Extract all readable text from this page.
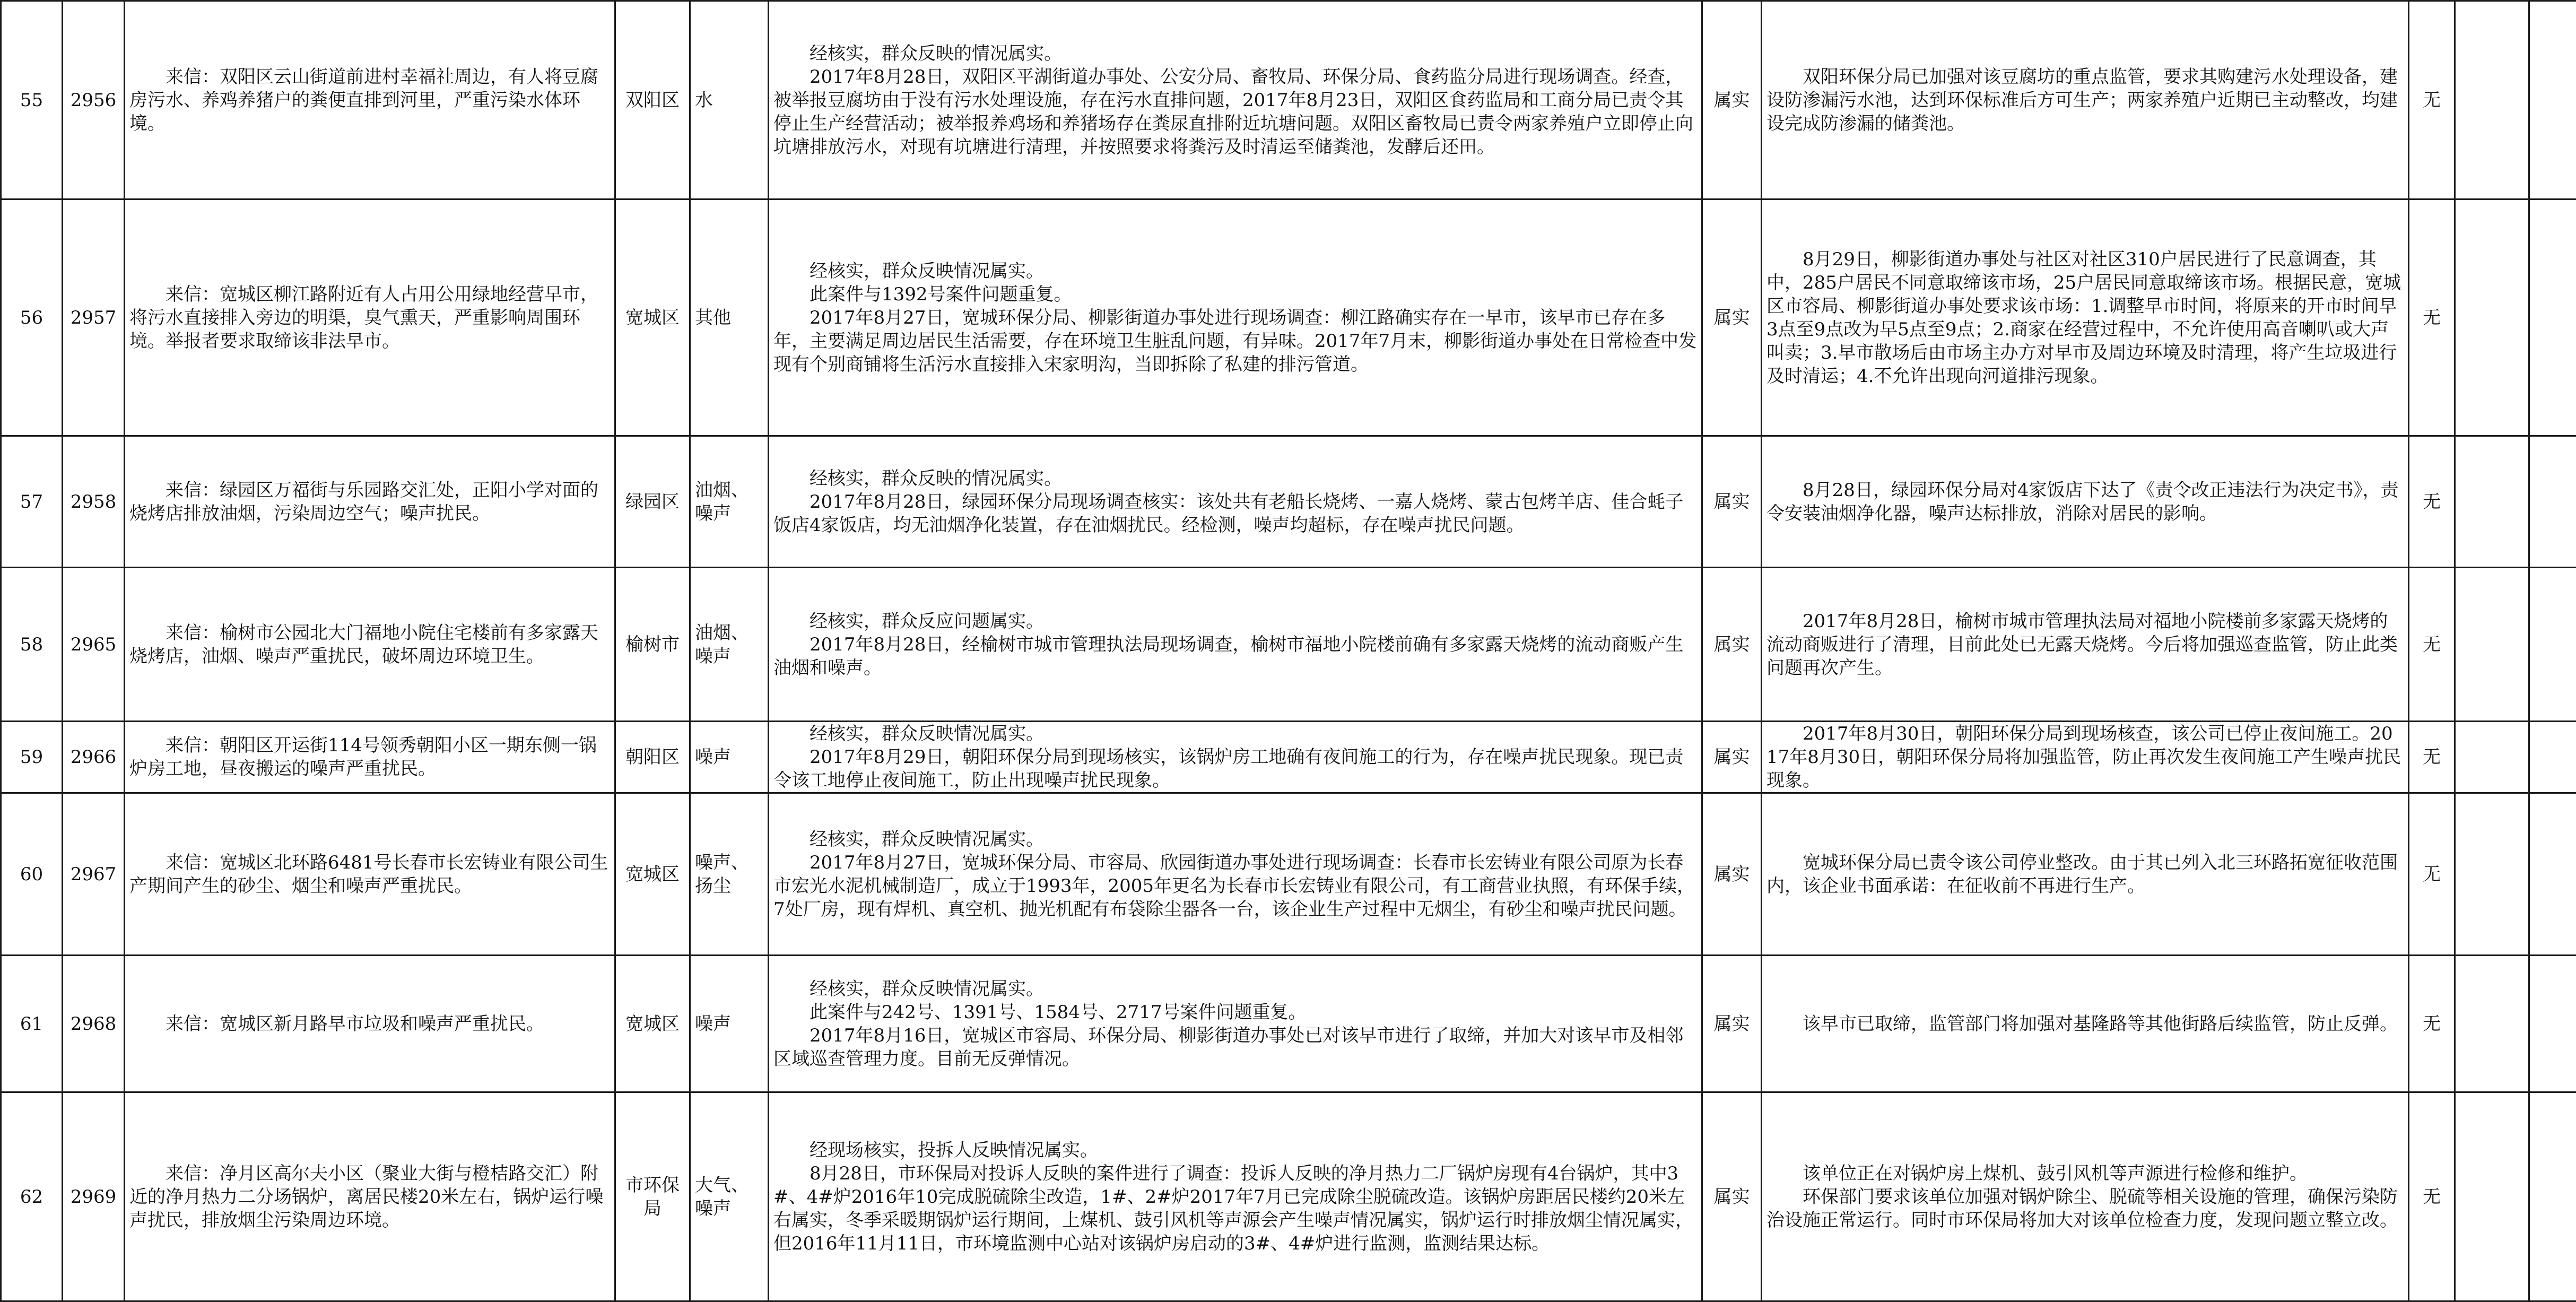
55	2956	来信：双阳区云山街道前进村幸福社周边，有人将豆腐房污水、养鸡养猪户的粪便直排到河里，严重污染水体环境。	双阳区	水	经核实，群众反映的情况属实。
2017年8月28日，双阳区平湖街道办事处、公安分局、畜牧局、环保分局、食药监分局进行现场调查。经查，被举报豆腐坊由于没有污水处理设施，存在污水直排问题，2017年8月23日，双阳区食药监局和工商分局已责令其停止生产经营活动；被举报养鸡场和养猪场存在粪尿直排附近坑塘问题。双阳区畜牧局已责令两家养殖户立即停止向坑塘排放污水，对现有坑塘进行清理，并按照要求将粪污及时清运至储粪池，发酵后还田。	属实	双阳环保分局已加强对该豆腐坊的重点监管，要求其购建污水处理设备，建设防渗漏污水池，达到环保标准后方可生产；两家养殖户近期已主动整改，均建设完成防渗漏的储粪池。	无		
56	2957	来信：宽城区柳江路附近有人占用公用绿地经营早市，将污水直接排入旁边的明渠，臭气熏天，严重影响周围环境。举报者要求取缔该非法早市。	宽城区	其他	经核实，群众反映情况属实。
此案件与1392号案件问题重复。
2017年8月27日，宽城环保分局、柳影街道办事处进行现场调查：柳江路确实存在一早市，该早市已存在多年，主要满足周边居民生活需要，存在环境卫生脏乱问题，有异味。2017年7月末，柳影街道办事处在日常检查中发现有个别商铺将生活污水直接排入宋家明沟，当即拆除了私建的排污管道。	属实	8月29日，柳影街道办事处与社区对社区310户居民进行了民意调查，其中，285户居民不同意取缔该市场，25户居民同意取缔该市场。根据民意，宽城区市容局、柳影街道办事处要求该市场：1.调整早市时间，将原来的开市时间早3点至9点改为早5点至9点；2.商家在经营过程中，不允许使用高音喇叭或大声叫卖；3.早市散场后由市场主办方对早市及周边环境及时清理，将产生垃圾进行及时清运；4.不允许出现向河道排污现象。	无		
57	2958	来信：绿园区万福街与乐园路交汇处，正阳小学对面的烧烤店排放油烟，污染周边空气；噪声扰民。	绿园区	油烟、噪声	经核实，群众反映的情况属实。
2017年8月28日，绿园环保分局现场调查核实：该处共有老船长烧烤、一嘉人烧烤、蒙古包烤羊店、佳合蚝子饭店4家饭店，均无油烟净化装置，存在油烟扰民。经检测，噪声均超标，存在噪声扰民问题。	属实	8月28日，绿园环保分局对4家饭店下达了《责令改正违法行为决定书》，责令安装油烟净化器，噪声达标排放，消除对居民的影响。	无		
58	2965	来信：榆树市公园北大门福地小院住宅楼前有多家露天烧烤店，油烟、噪声严重扰民，破坏周边环境卫生。	榆树市	油烟、噪声	经核实，群众反应问题属实。
2017年8月28日，经榆树市城市管理执法局现场调查，榆树市福地小院楼前确有多家露天烧烤的流动商贩产生油烟和噪声。	属实	2017年8月28日，榆树市城市管理执法局对福地小院楼前多家露天烧烤的流动商贩进行了清理，目前此处已无露天烧烤。今后将加强巡查监管，防止此类问题再次产生。	无		
59	2966	来信：朝阳区开运街114号领秀朝阳小区一期东侧一锅炉房工地，昼夜搬运的噪声严重扰民。	朝阳区	噪声	经核实，群众反映情况属实。
2017年8月29日，朝阳环保分局到现场核实，该锅炉房工地确有夜间施工的行为，存在噪声扰民现象。现已责令该工地停止夜间施工，防止出现噪声扰民现象。	属实	2017年8月30日，朝阳环保分局到现场核查，该公司已停止夜间施工。2017年8月30日，朝阳环保分局将加强监管，防止再次发生夜间施工产生噪声扰民现象。	无		
60	2967	来信：宽城区北环路6481号长春市长宏铸业有限公司生产期间产生的砂尘、烟尘和噪声严重扰民。	宽城区	噪声、扬尘	经核实，群众反映情况属实。
2017年8月27日，宽城环保分局、市容局、欣园街道办事处进行现场调查：长春市长宏铸业有限公司原为长春市宏光水泥机械制造厂，成立于1993年，2005年更名为长春市长宏铸业有限公司，有工商营业执照，有环保手续，7处厂房，现有焊机、真空机、抛光机配有布袋除尘器各一台，该企业生产过程中无烟尘，有砂尘和噪声扰民问题。	属实	宽城环保分局已责令该公司停业整改。由于其已列入北三环路拓宽征收范围内，该企业书面承诺：在征收前不再进行生产。	无		
61	2968	来信：宽城区新月路早市垃圾和噪声严重扰民。	宽城区	噪声	经核实，群众反映情况属实。
此案件与242号、1391号、1584号、2717号案件问题重复。
2017年8月16日，宽城区市容局、环保分局、柳影街道办事处已对该早市进行了取缔，并加大对该早市及相邻区域巡查管理力度。目前无反弹情况。	属实	该早市已取缔，监管部门将加强对基隆路等其他街路后续监管，防止反弹。	无		
62	2969	来信：净月区高尔夫小区（聚业大街与橙桔路交汇）附近的净月热力二分场锅炉，离居民楼20米左右，锅炉运行噪声扰民，排放烟尘污染周边环境。	市环保局	大气、噪声	经现场核实，投拆人反映情况属实。
8月28日，市环保局对投诉人反映的案件进行了调查：投诉人反映的净月热力二厂锅炉房现有4台锅炉，其中3#、4#炉2016年10完成脱硫除尘改造，1#、2#炉2017年7月已完成除尘脱硫改造。该锅炉房距居民楼约20米左右属实，冬季采暖期锅炉运行期间，上煤机、鼓引风机等声源会产生噪声情况属实，锅炉运行时排放烟尘情况属实，但2016年11月11日，市环境监测中心站对该锅炉房启动的3#、4#炉进行监测，监测结果达标。	属实	该单位正在对锅炉房上煤机、鼓引风机等声源进行检修和维护。
环保部门要求该单位加强对锅炉除尘、脱硫等相关设施的管理，确保污染防治设施正常运行。同时市环保局将加大对该单位检查力度，发现问题立整立改。	无		
